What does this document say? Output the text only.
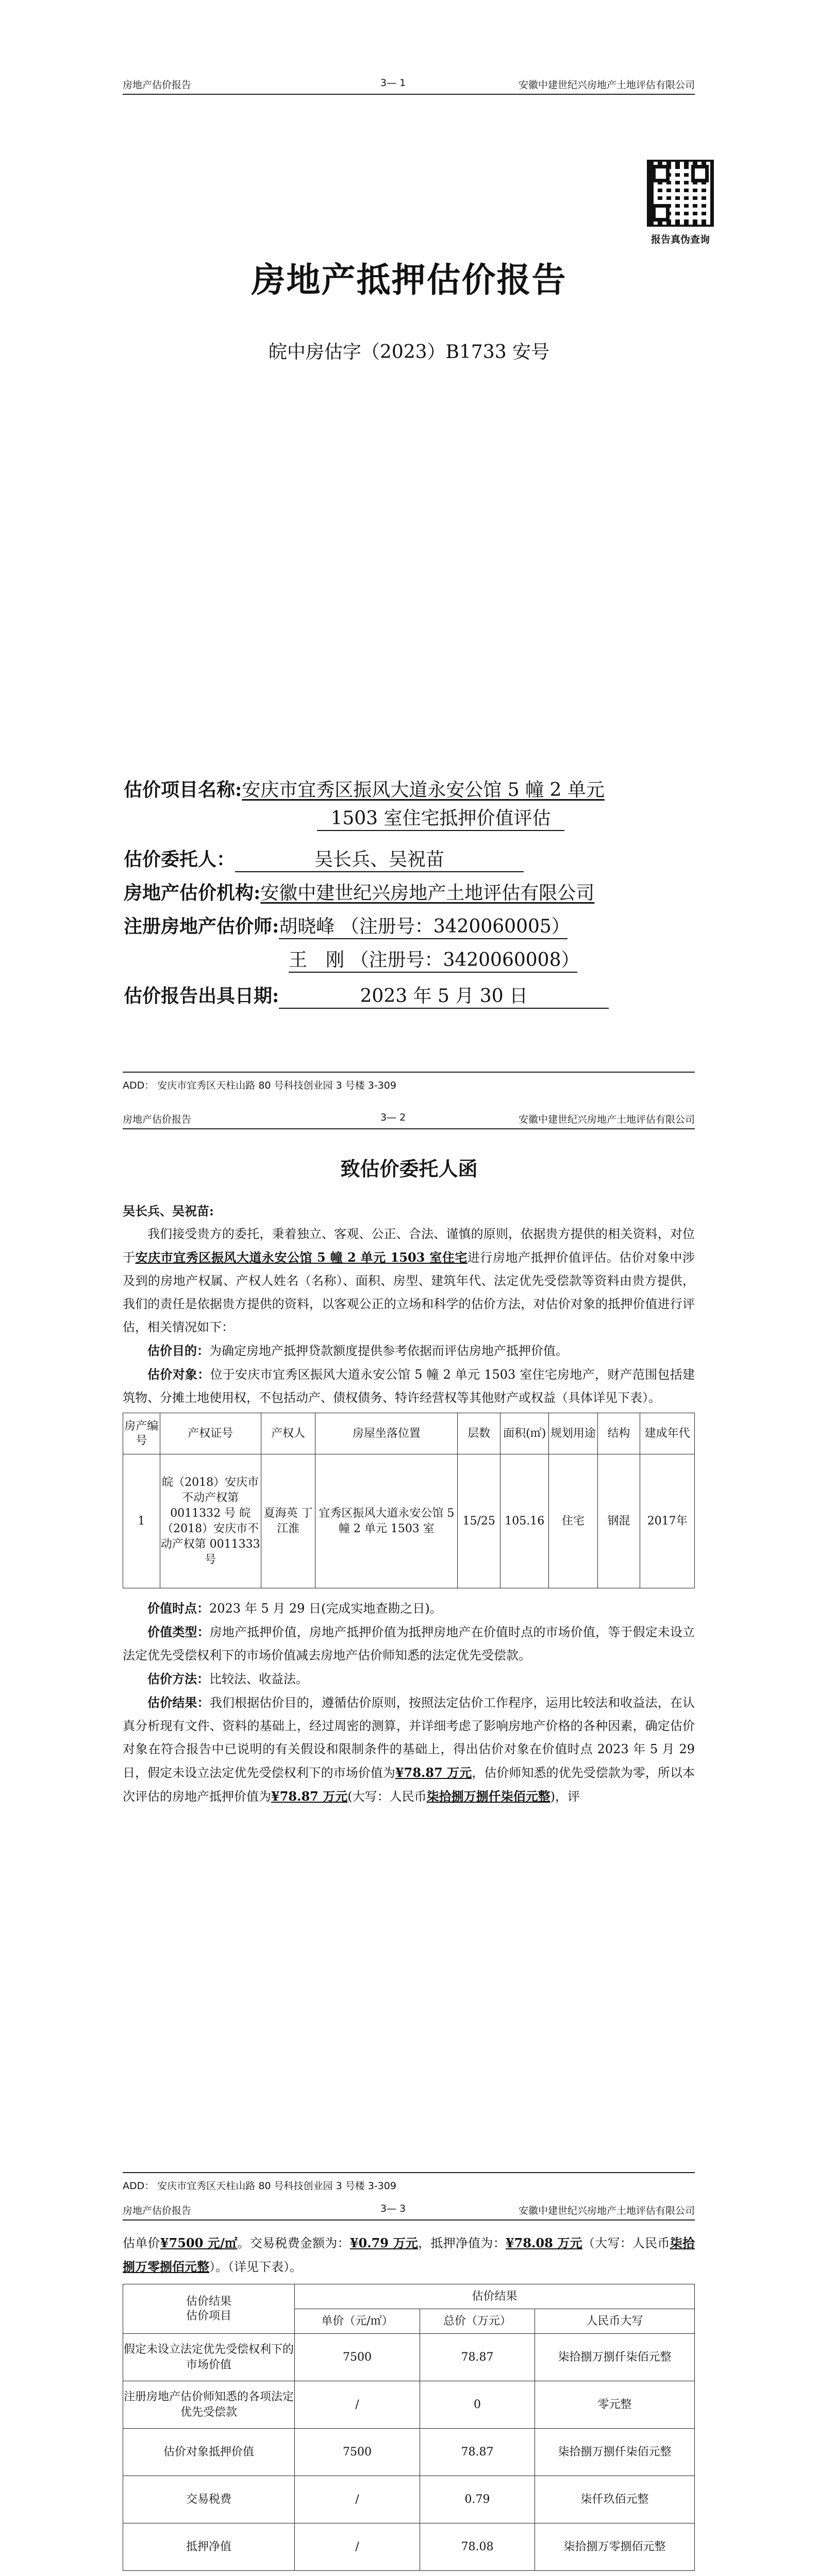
房地产估价报告	3— 1	安徽中建世纪兴房地产土地评估有限公司
报告真伪查询
房地产抵押估价报告
皖中房估字（2023）B1733 安号
估价项目名称:安庆市宜秀区振风大道永安公馆 5 幢 2 单元
1503 室住宅抵押价值评估
估价委托人：	吴长兵、吴祝苗
房地产估价机构:安徽中建世纪兴房地产土地评估有限公司
注册房地产估价师:胡晓峰 （注册号：3420060005）
王　刚 （注册号：3420060008）
估价报告出具日期:	2023 年 5 月 30 日
ADD： 安庆市宜秀区天柱山路 80 号科技创业园 3 号楼 3-309
房地产估价报告	3— 2	安徽中建世纪兴房地产土地评估有限公司
致估价委托人函

吴长兵、吴祝苗:

我们接受贵方的委托，秉着独立、客观、公正、合法、谨慎的原则，依据贵方提供的相关资料，对位于安庆市宜秀区振风大道永安公馆 5 幢 2 单元 1503 室住宅进行房地产抵押价值评估。估价对象中涉及到的房地产权属、产权人姓名（名称）、面积、房型、建筑年代、法定优先受偿款等资料由贵方提供，我们的责任是依据贵方提供的资料，以客观公正的立场和科学的估价方法，对估价对象的抵押价值进行评估，相关情况如下：

估价目的：为确定房地产抵押贷款额度提供参考依据而评估房地产抵押价值。

估价对象：位于安庆市宜秀区振风大道永安公馆 5 幢 2 单元 1503 室住宅房地产，财产范围包括建筑物、分摊土地使用权，不包括动产、债权债务、特许经营权等其他财产或权益（具体详见下表）。

房产编号	产权证号	产权人	房屋坐落位置	层数	面积(㎡)	规划用途	结构	建成年代
1	皖（2018）安庆市不动产权第 0011332 号 皖（2018）安庆市不动产权第 0011333 号	夏海英 丁江淮	宜秀区振风大道永安公馆 5 幢 2 单元 1503 室	15/25	105.16	住宅	钢混	2017年

价值时点：2023 年 5 月 29 日(完成实地查勘之日)。

价值类型：房地产抵押价值，房地产抵押价值为抵押房地产在价值时点的市场价值，等于假定未设立法定优先受偿权利下的市场价值减去房地产估价师知悉的法定优先受偿款。

估价方法：比较法、收益法。

估价结果：我们根据估价目的，遵循估价原则，按照法定估价工作程序，运用比较法和收益法，在认真分析现有文件、资料的基础上，经过周密的测算，并详细考虑了影响房地产价格的各种因素，确定估价对象在符合报告中已说明的有关假设和限制条件的基础上，得出估价对象在价值时点 2023 年 5 月 29 日，假定未设立法定优先受偿权利下的市场价值为¥78.87 万元，估价师知悉的优先受偿款为零，所以本次评估的房地产抵押价值为¥78.87 万元(大写：人民币柒拾捌万捌仟柒佰元整)，评

ADD： 安庆市宜秀区天柱山路 80 号科技创业园 3 号楼 3-309
房地产估价报告	3— 3	安徽中建世纪兴房地产土地评估有限公司

估单价¥7500 元/㎡。交易税费金额为：¥0.79 万元，抵押净值为：¥78.08 万元（大写：人民币柒拾捌万零捌佰元整）。（详见下表）。

估价结果
估价项目	估价结果		
	单价（元/㎡）	总价（万元）	人民币大写
假定未设立法定优先受偿权利下的市场价值	7500	78.87	柒拾捌万捌仟柒佰元整
注册房地产估价师知悉的各项法定优先受偿款	/	0	零元整
估价对象抵押价值	7500	78.87	柒拾捌万捌仟柒佰元整
交易税费	/	0.79	柒仟玖佰元整
抵押净值	/	78.08	柒拾捌万零捌佰元整
